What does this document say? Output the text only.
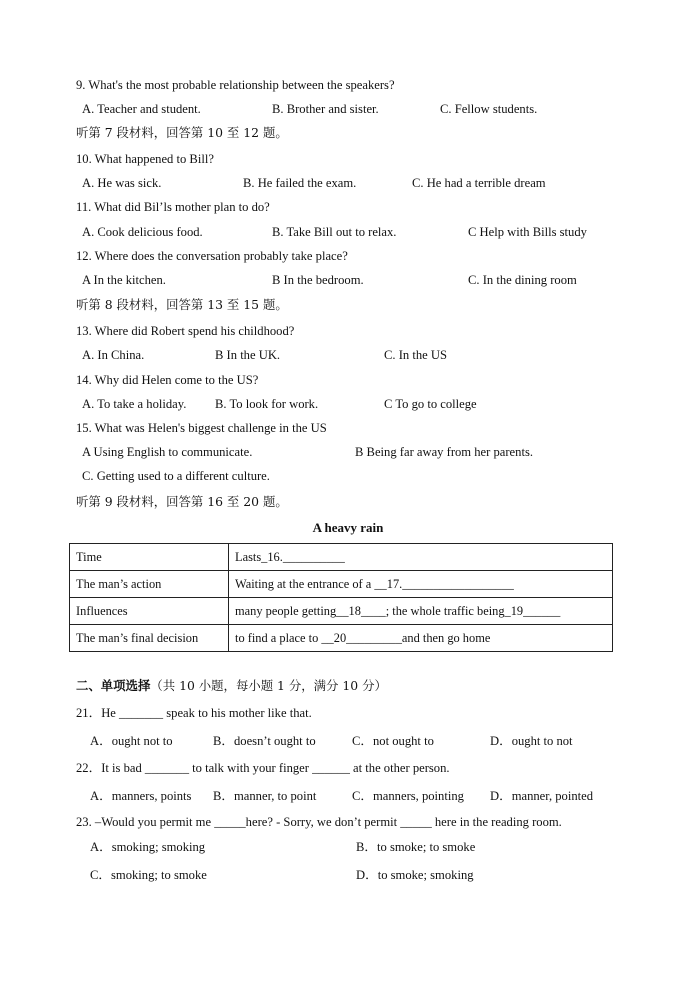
9. What's the most probable relationship between the speakers?
A. Teacher and student.	B. Brother and sister.	C. Fellow students.
听第 7 段材料，回答第 10 至 12 题。
10. What happened to Bill?
A. He was sick.	B. He failed the exam.	C. He had a terrible dream
11. What did Bil’ls mother plan to do?
A. Cook delicious food.	B. Take Bill out to relax.	C Help with Bills study
12. Where does the conversation probably take place?
A In the kitchen.	B In the bedroom.	C. In the dining room
听第 8 段材料，回答第 13 至 15 题。
13. Where did Robert spend his childhood?
A. In China.	B In the UK.	C. In the US
14. Why did Helen come to the US?
A. To take a holiday. B. To look for work.	C To go to college
15. What was Helen's biggest challenge in the US
A Using English to communicate.	B Being far away from her parents.
C. Getting used to a different culture.
听第 9 段材料，回答第 16 至 20 题。
A heavy rain
Time	Lasts_16.__________
The man’s action	Waiting at the entrance of a __17.__________________
Influences	many people getting__18____; the whole traffic being_19______
The man’s final decision	to find a place to __20_________and then go home
二、单项选择（共 10 小题，每小题 1 分，满分 10 分）
21．He _______ speak to his mother like that.
A．ought not to	B．doesn’t ought to	C．not ought to	D．ought to not
22．It is bad _______ to talk with your finger ______ at the other person.
A．manners, points B．manner, to point	C．manners, pointing D．manner, pointed
23. –Would you permit me _____here? - Sorry, we don’t permit _____ here in the reading room.
A．smoking; smoking	B．to smoke; to smoke
C．smoking; to smoke	D．to smoke; smoking
